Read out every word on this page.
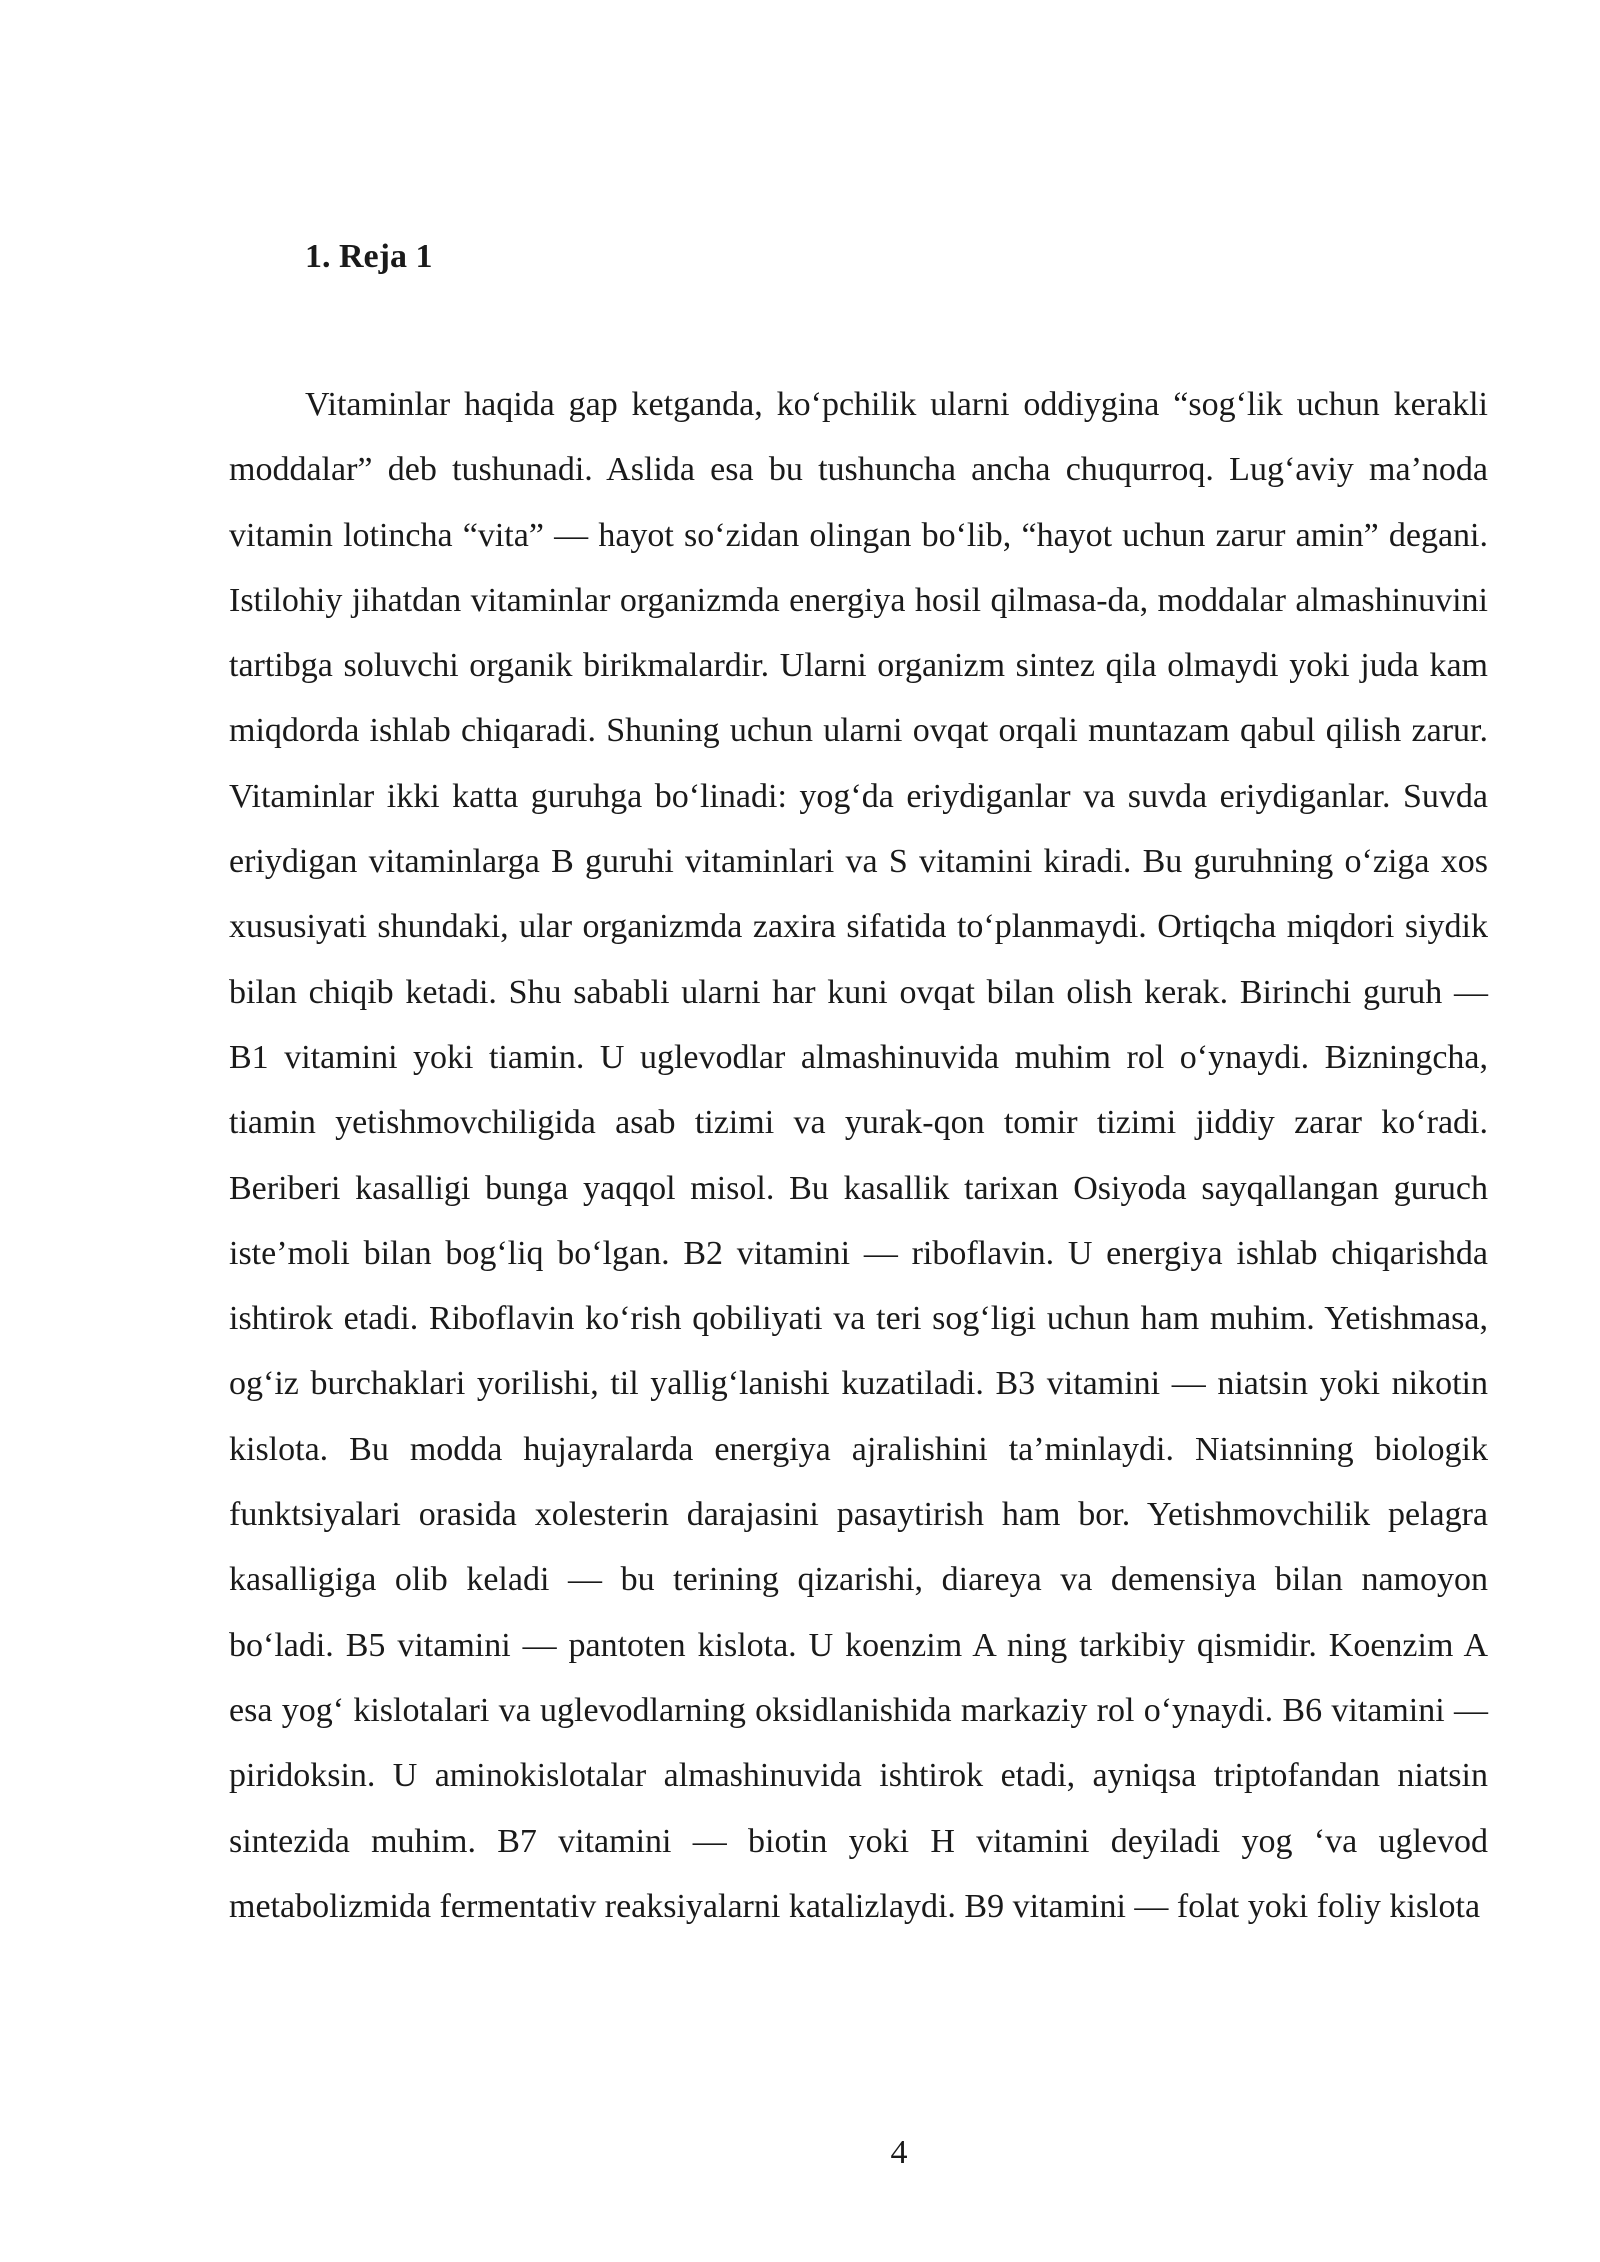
1. Reja 1

Vitaminlar haqida gap ketganda, ko‘pchilik ularni oddiygina “sog‘lik uchun kerakli moddalar” deb tushunadi. Aslida esa bu tushuncha ancha chuqurroq. Lug‘aviy ma’noda vitamin lotincha “vita” — hayot so‘zidan olingan bo‘lib, “hayot uchun zarur amin” degani. Istilohiy jihatdan vitaminlar organizmda energiya hosil qilmasa-da, moddalar almashinuvini tartibga soluvchi organik birikmalardir. Ularni organizm sintez qila olmaydi yoki juda kam miqdorda ishlab chiqaradi. Shuning uchun ularni ovqat orqali muntazam qabul qilish zarur. Vitaminlar ikki katta guruhga bo‘linadi: yog‘da eriydiganlar va suvda eriydiganlar. Suvda eriydigan vitaminlarga B guruhi vitaminlari va S vitamini kiradi. Bu guruhning o‘ziga xos xususiyati shundaki, ular organizmda zaxira sifatida to‘planmaydi. Ortiqcha miqdori siydik bilan chiqib ketadi. Shu sababli ularni har kuni ovqat bilan olish kerak. Birinchi guruh — B1 vitamini yoki tiamin. U uglevodlar almashinuvida muhim rol o‘ynaydi. Bizningcha, tiamin yetishmovchiligida asab tizimi va yurak-qon tomir tizimi jiddiy zarar ko‘radi. Beriberi kasalligi bunga yaqqol misol. Bu kasallik tarixan Osiyoda sayqallangan guruch iste’moli bilan bog‘liq bo‘lgan. B2 vitamini — riboflavin. U energiya ishlab chiqarishda ishtirok etadi. Riboflavin ko‘rish qobiliyati va teri sog‘ligi uchun ham muhim. Yetishmasa, og‘iz burchaklari yorilishi, til yallig‘lanishi kuzatiladi. B3 vitamini — niatsin yoki nikotin kislota. Bu modda hujayralarda energiya ajralishini ta’minlaydi. Niatsinning biologik funktsiyalari orasida xolesterin darajasini pasaytirish ham bor. Yetishmovchilik pelagra kasalligiga olib keladi — bu terining qizarishi, diareya va demensiya bilan namoyon bo‘ladi. B5 vitamini — pantoten kislota. U koenzim A ning tarkibiy qismidir. Koenzim A esa yog‘ kislotalari va uglevodlarning oksidlanishida markaziy rol o‘ynaydi. B6 vitamini — piridoksin. U aminokislotalar almashinuvida ishtirok etadi, ayniqsa triptofandan niatsin sintezida muhim. B7 vitamini — biotin yoki H vitamini deyiladi yog ‘va uglevod metabolizmida fermentativ reaksiyalarni katalizlaydi. B9 vitamini — folat yoki foliy kislota

4
